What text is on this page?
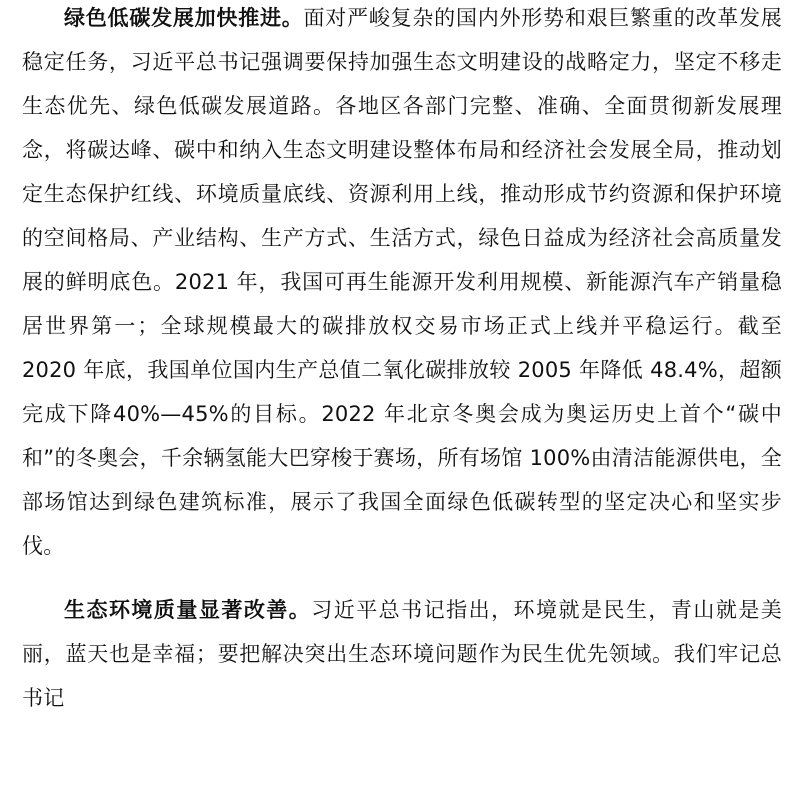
绿色低碳发展加快推进。面对严峻复杂的国内外形势和艰巨繁重的改革发展稳定任务，习近平总书记强调要保持加强生态文明建设的战略定力，坚定不移走生态优先、绿色低碳发展道路。各地区各部门完整、准确、全面贯彻新发展理念，将碳达峰、碳中和纳入生态文明建设整体布局和经济社会发展全局，推动划定生态保护红线、环境质量底线、资源利用上线，推动形成节约资源和保护环境的空间格局、产业结构、生产方式、生活方式，绿色日益成为经济社会高质量发展的鲜明底色。2021 年，我国可再生能源开发利用规模、新能源汽车产销量稳居世界第一；全球规模最大的碳排放权交易市场正式上线并平稳运行。截至 2020 年底，我国单位国内生产总值二氧化碳排放较 2005 年降低 48.4%，超额完成下降40%—45%的目标。2022 年北京冬奥会成为奥运历史上首个“碳中和”的冬奥会，千余辆氢能大巴穿梭于赛场，所有场馆 100%由清洁能源供电，全部场馆达到绿色建筑标准，展示了我国全面绿色低碳转型的坚定决心和坚实步伐。

生态环境质量显著改善。习近平总书记指出，环境就是民生，青山就是美丽，蓝天也是幸福；要把解决突出生态环境问题作为民生优先领域。我们牢记总书记
